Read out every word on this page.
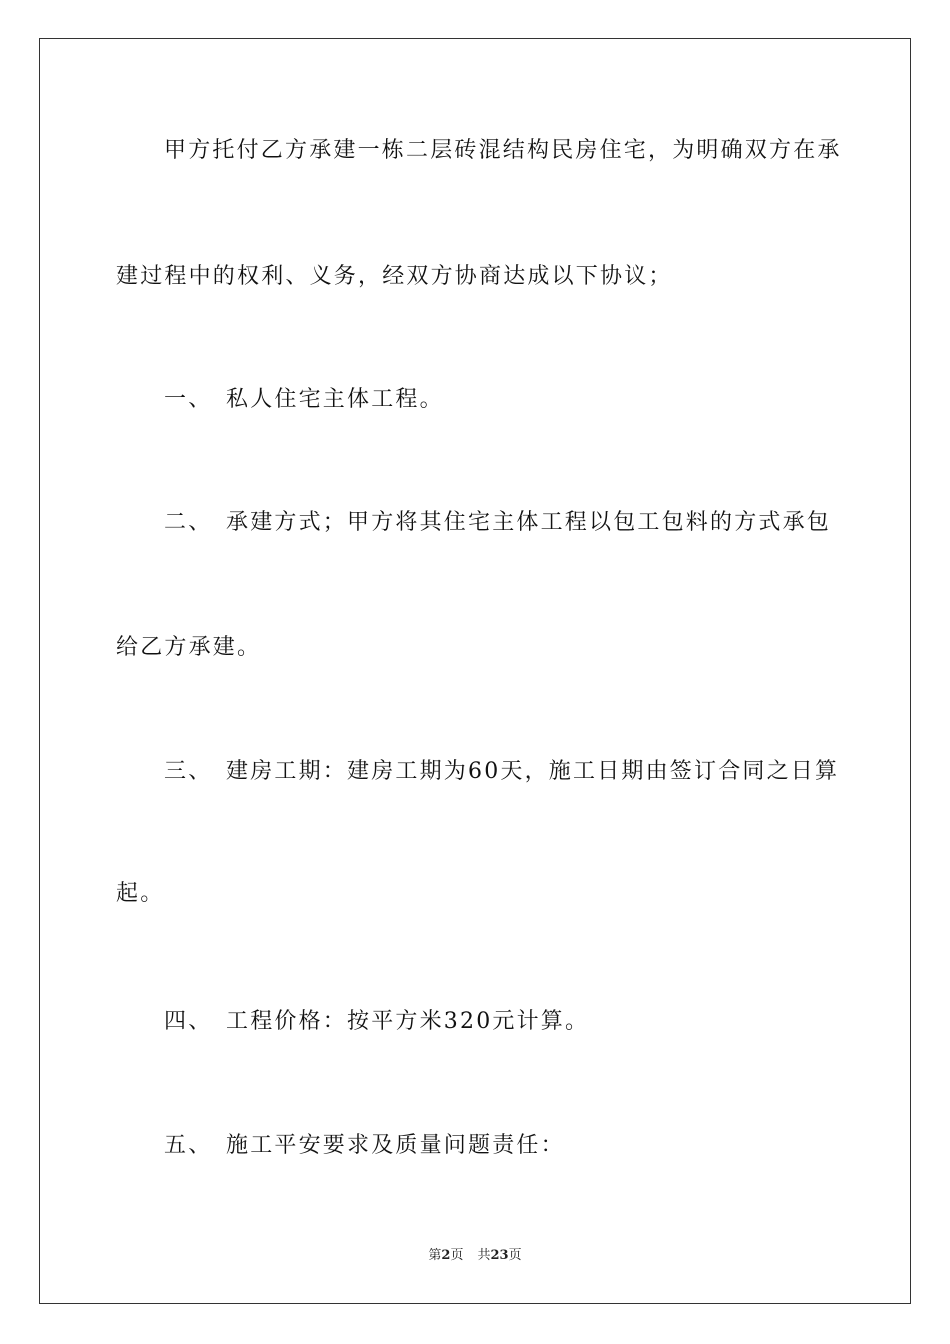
甲方托付乙方承建一栋二层砖混结构民房住宅，为明确双方在承
建过程中的权利、义务，经双方协商达成以下协议；
一、 私人住宅主体工程。
二、 承建方式；甲方将其住宅主体工程以包工包料的方式承包
给乙方承建。
三、 建房工期：建房工期为60天，施工日期由签订合同之日算
起。
四、 工程价格：按平方米320元计算。
五、 施工平安要求及质量问题责任：
第2页 共23页
